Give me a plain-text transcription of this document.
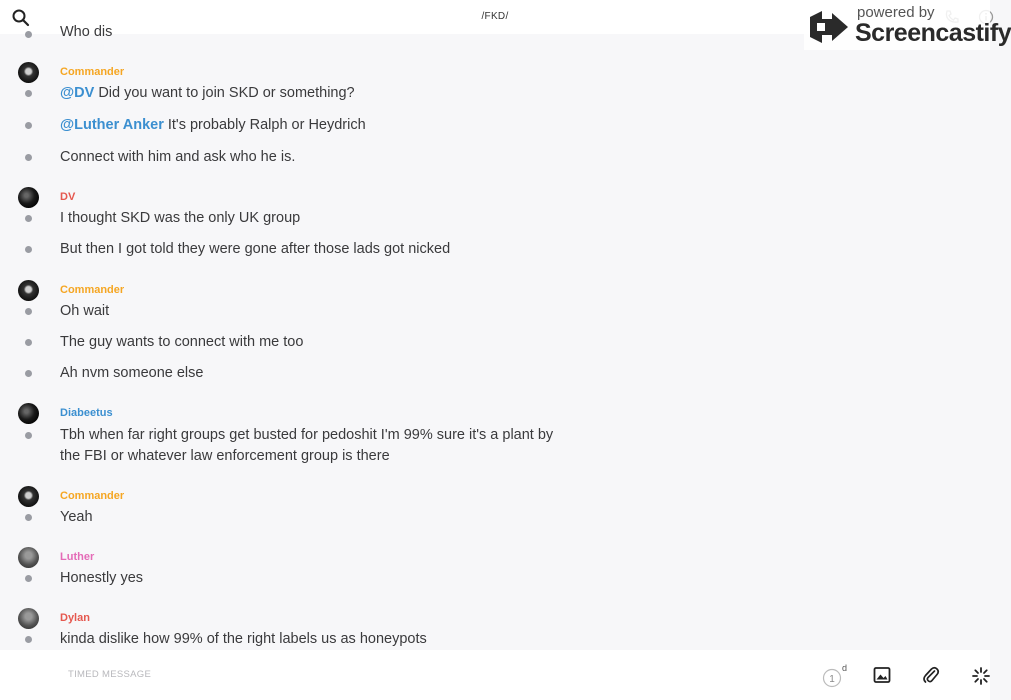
/FKD/	powered by
Screencastify
Who dis
Commander
@DV Did you want to join SKD or something?
@Luther Anker It's probably Ralph or Heydrich
Connect with him and ask who he is.
DV
I thought SKD was the only UK group
But then I got told they were gone after those lads got nicked
Commander
Oh wait
The guy wants to connect with me too
Ah nvm someone else
Diabeetus
Tbh when far right groups get busted for pedoshit I'm 99% sure it's a plant by
the FBI or whatever law enforcement group is there
Commander
Yeah
Luther
Honestly yes
Dylan
kinda dislike how 99% of the right labels us as honeypots
TIMED MESSAGE	1
d
